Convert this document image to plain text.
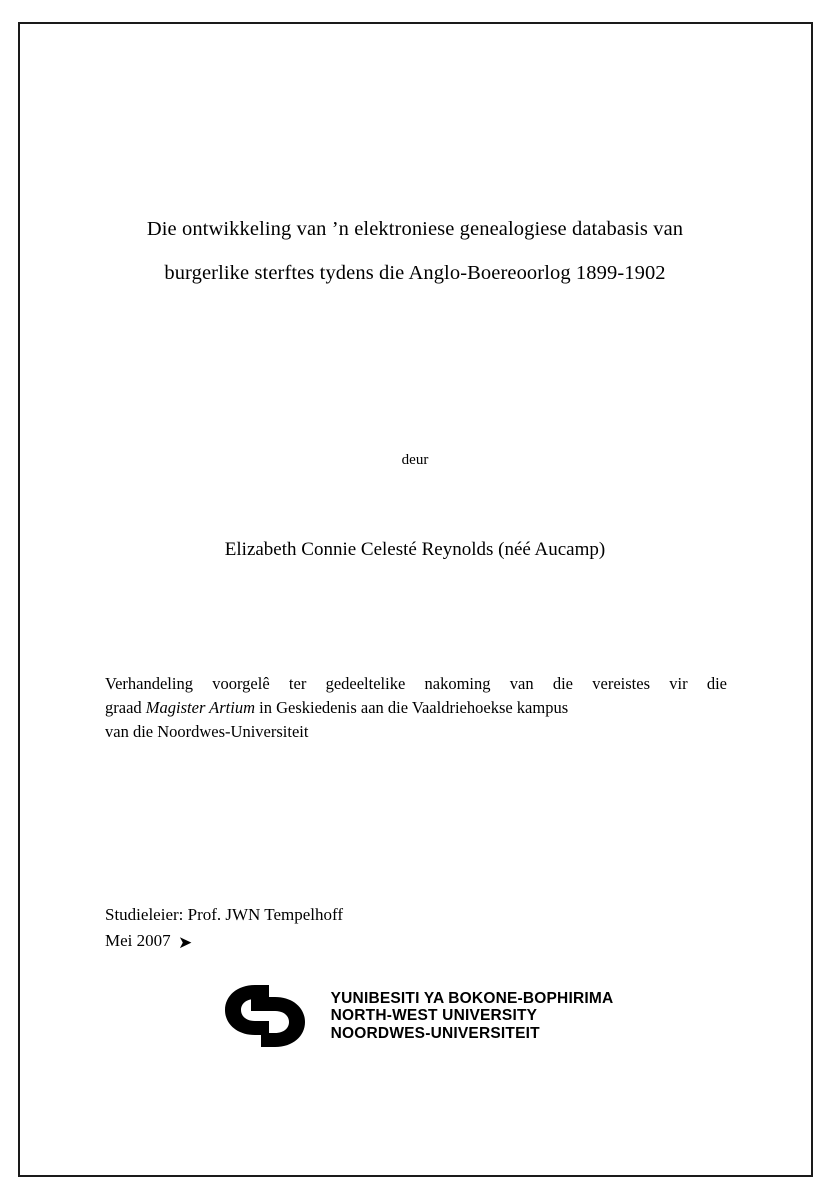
Die ontwikkeling van ’n elektroniese genealogiese databasis van
burgerlike sterftes tydens die Anglo-Boereoorlog 1899-1902
deur
Elizabeth Connie Celesté Reynolds (néé Aucamp)
Verhandeling voorgelê ter gedeeltelike nakoming van die vereistes vir die
graad Magister Artium in Geskiedenis aan die Vaaldriehoekse kampus
van die Noordwes-Universiteit
Studieleier: Prof. JWN Tempelhoff
Mei 2007 ➤
YUNIBESITI YA BOKONE-BOPHIRIMA
NORTH-WEST UNIVERSITY
NOORDWES-UNIVERSITEIT
